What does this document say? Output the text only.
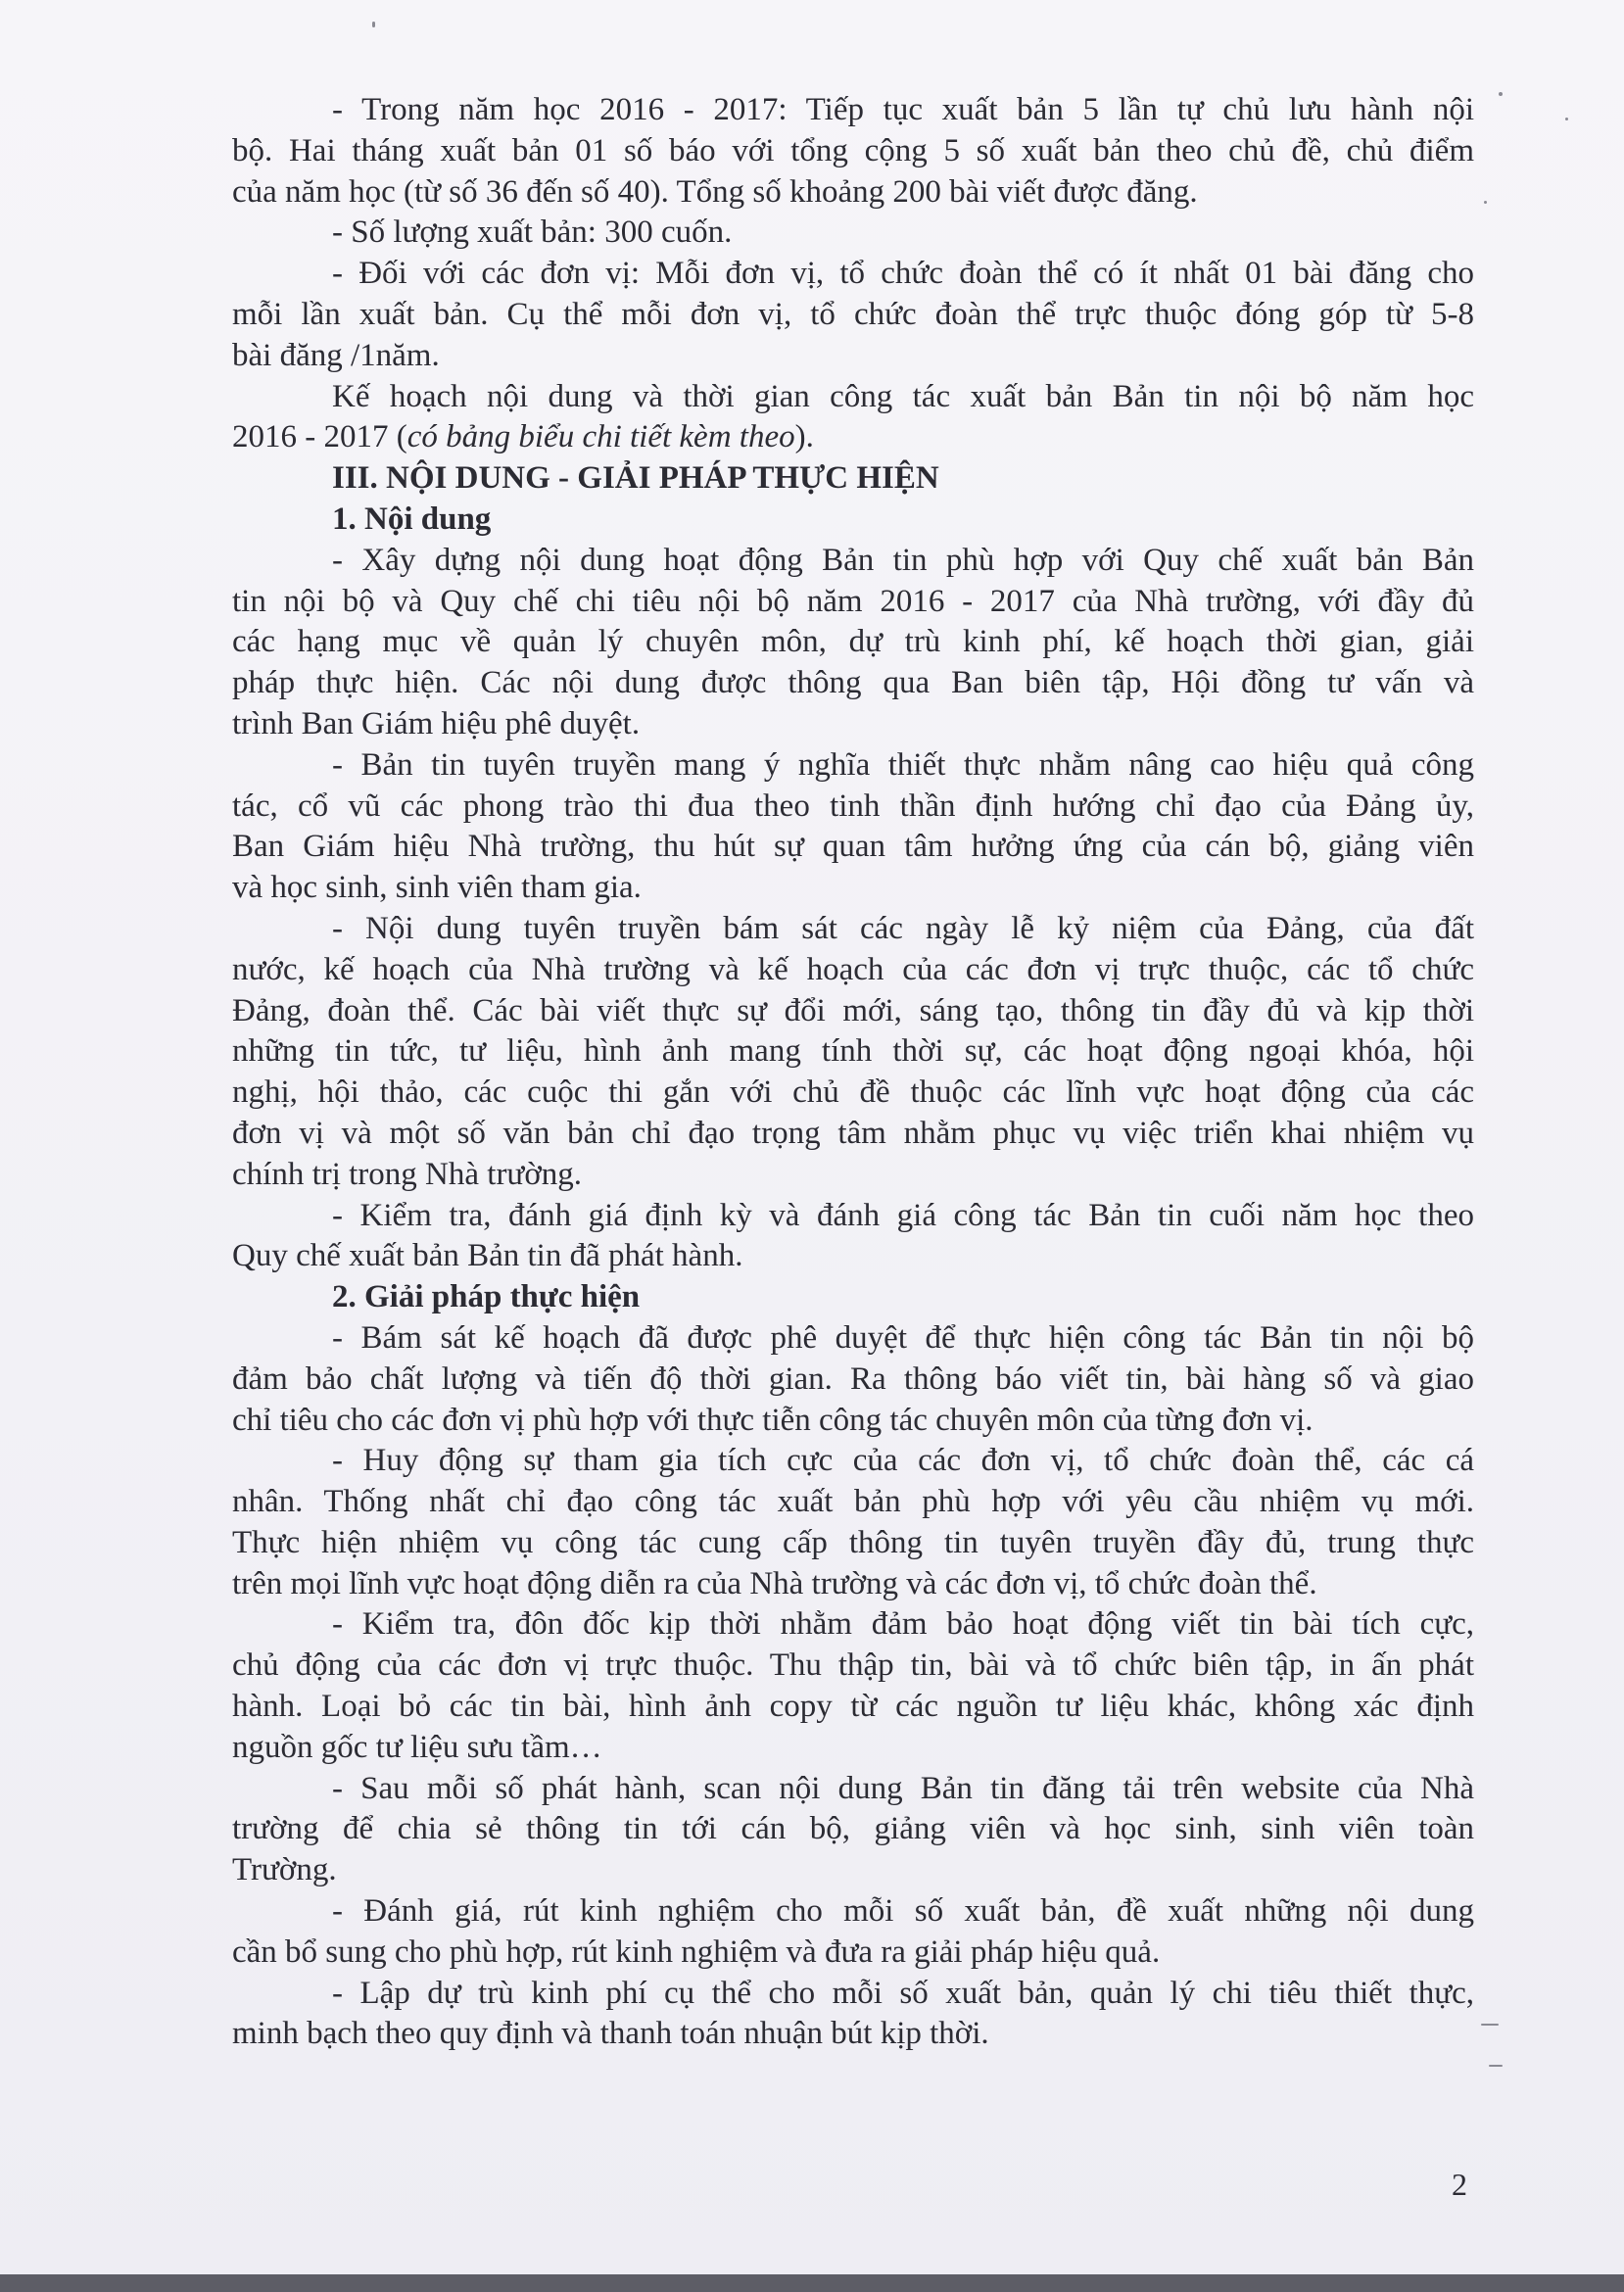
- Trong năm học 2016 - 2017: Tiếp tục xuất bản 5 lần tự chủ lưu hành nội
bộ. Hai tháng xuất bản 01 số báo với tổng cộng 5 số xuất bản theo chủ đề, chủ điểm
của năm học (từ số 36 đến số 40). Tổng số khoảng 200 bài viết được đăng.
- Số lượng xuất bản: 300 cuốn.
- Đối với các đơn vị: Mỗi đơn vị, tổ chức đoàn thể có ít nhất 01 bài đăng cho
mỗi lần xuất bản. Cụ thể mỗi đơn vị, tổ chức đoàn thể trực thuộc đóng góp từ 5-8
bài đăng /1năm.
Kế hoạch nội dung và thời gian công tác xuất bản Bản tin nội bộ năm học
2016 - 2017 (có bảng biểu chi tiết kèm theo).
III. NỘI DUNG - GIẢI PHÁP THỰC HIỆN
1. Nội dung
- Xây dựng nội dung hoạt động Bản tin phù hợp với Quy chế xuất bản Bản
tin nội bộ và Quy chế chi tiêu nội bộ năm 2016 - 2017 của Nhà trường, với đầy đủ
các hạng mục về quản lý chuyên môn, dự trù kinh phí, kế hoạch thời gian, giải
pháp thực hiện. Các nội dung được thông qua Ban biên tập, Hội đồng tư vấn và
trình Ban Giám hiệu phê duyệt.
- Bản tin tuyên truyền mang ý nghĩa thiết thực nhằm nâng cao hiệu quả công
tác, cổ vũ các phong trào thi đua theo tinh thần định hướng chỉ đạo của Đảng ủy,
Ban Giám hiệu Nhà trường, thu hút sự quan tâm hưởng ứng của cán bộ, giảng viên
và học sinh, sinh viên tham gia.
- Nội dung tuyên truyền bám sát các ngày lễ kỷ niệm của Đảng, của đất
nước, kế hoạch của Nhà trường và kế hoạch của các đơn vị trực thuộc, các tổ chức
Đảng, đoàn thể. Các bài viết thực sự đổi mới, sáng tạo, thông tin đầy đủ và kịp thời
những tin tức, tư liệu, hình ảnh mang tính thời sự, các hoạt động ngoại khóa, hội
nghị, hội thảo, các cuộc thi gắn với chủ đề thuộc các lĩnh vực hoạt động của các
đơn vị và một số văn bản chỉ đạo trọng tâm nhằm phục vụ việc triển khai nhiệm vụ
chính trị trong Nhà trường.
- Kiểm tra, đánh giá định kỳ và đánh giá công tác Bản tin cuối năm học theo
Quy chế xuất bản Bản tin đã phát hành.
2. Giải pháp thực hiện
- Bám sát kế hoạch đã được phê duyệt để thực hiện công tác Bản tin nội bộ
đảm bảo chất lượng và tiến độ thời gian. Ra thông báo viết tin, bài hàng số và giao
chỉ tiêu cho các đơn vị phù hợp với thực tiễn công tác chuyên môn của từng đơn vị.
- Huy động sự tham gia tích cực của các đơn vị, tổ chức đoàn thể, các cá
nhân. Thống nhất chỉ đạo công tác xuất bản phù hợp với yêu cầu nhiệm vụ mới.
Thực hiện nhiệm vụ công tác cung cấp thông tin tuyên truyền đầy đủ, trung thực
trên mọi lĩnh vực hoạt động diễn ra của Nhà trường và các đơn vị, tổ chức đoàn thể.
- Kiểm tra, đôn đốc kịp thời nhằm đảm bảo hoạt động viết tin bài tích cực,
chủ động của các đơn vị trực thuộc. Thu thập tin, bài và tổ chức biên tập, in ấn phát
hành. Loại bỏ các tin bài, hình ảnh copy từ các nguồn tư liệu khác, không xác định
nguồn gốc tư liệu sưu tầm…
- Sau mỗi số phát hành, scan nội dung Bản tin đăng tải trên website của Nhà
trường để chia sẻ thông tin tới cán bộ, giảng viên và học sinh, sinh viên toàn
Trường.
- Đánh giá, rút kinh nghiệm cho mỗi số xuất bản, đề xuất những nội dung
cần bổ sung cho phù hợp, rút kinh nghiệm và đưa ra giải pháp hiệu quả.
- Lập dự trù kinh phí cụ thể cho mỗi số xuất bản, quản lý chi tiêu thiết thực,
minh bạch theo quy định và thanh toán nhuận bút kịp thời.
2
